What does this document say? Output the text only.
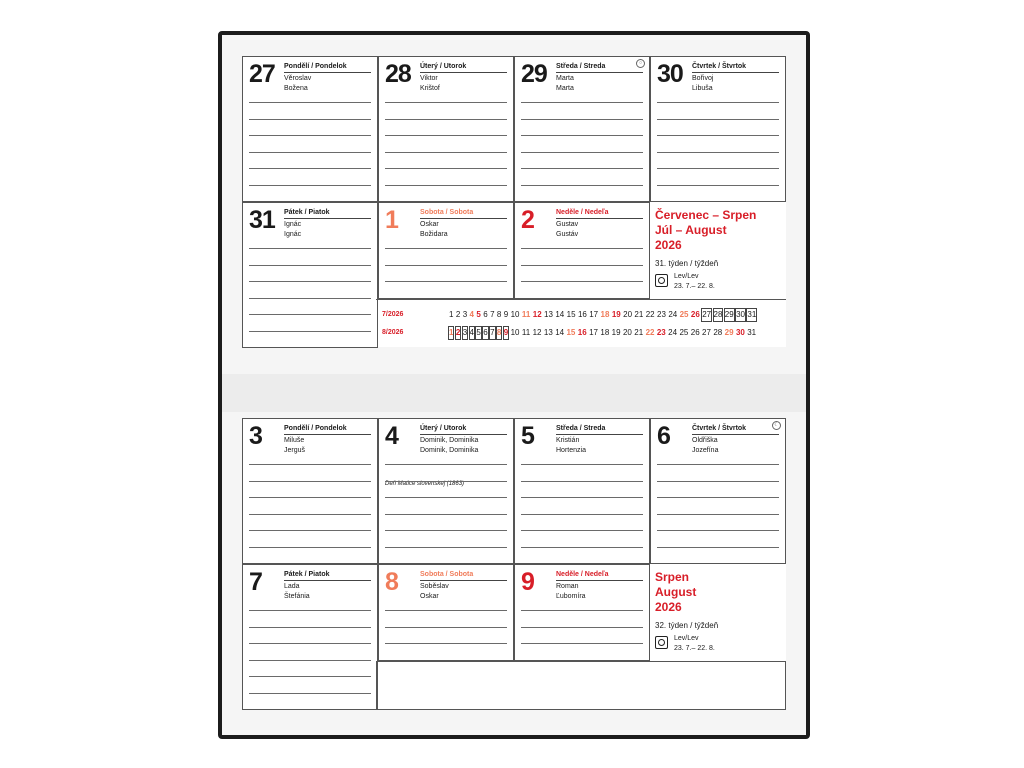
27 Pondělí / Pondelok
Věroslav
Božena	28 Úterý / Utorok
Viktor
Krištof	29 Středa / Streda
Marta
Marta
○ 30 Čtvrtek / Štvrtok
Bořivoj
Libuša
31 Pátek / Piatok
Ignác
Ignác	1	Sobota / Sobota
Oskar
Božidara	2	Neděle / Nedeľa
Gustav
Gustáv
Červenec – Srpen
Júl – August
2026
31. týden / týždeň
Lev/Lev
23. 7.– 22. 8.
7/2026	1 2 3 4 5 6 7 8 9 10 11 12 13 14 15 16 17 18 19 20 21 22 23 24 25 26 27 28 29 30 31
8/2026	1 2 3 4 5 6 7 8 9 10 11 12 13 14 15 16 17 18 19 20 21 22 23 24 25 26 27 28 29 30 31
3	Pondělí / Pondelok
Miluše
Jerguš	4	Úterý / Utorok
Dominik, Dominika
Dominik, Dominika
Deň Matice slovenskej (1863)
5	Středa / Streda
Kristián
Hortenzia	6	Čtvrtek / Štvrtok
Oldřiška
Jozefína
☾
7	Pátek / Piatok
Lada
Štefánia	8	Sobota / Sobota
Soběslav
Oskar	9	Neděle / Nedeľa
Roman
Ľubomíra
Srpen
August
2026
32. týden / týždeň
Lev/Lev
23. 7.– 22. 8.
